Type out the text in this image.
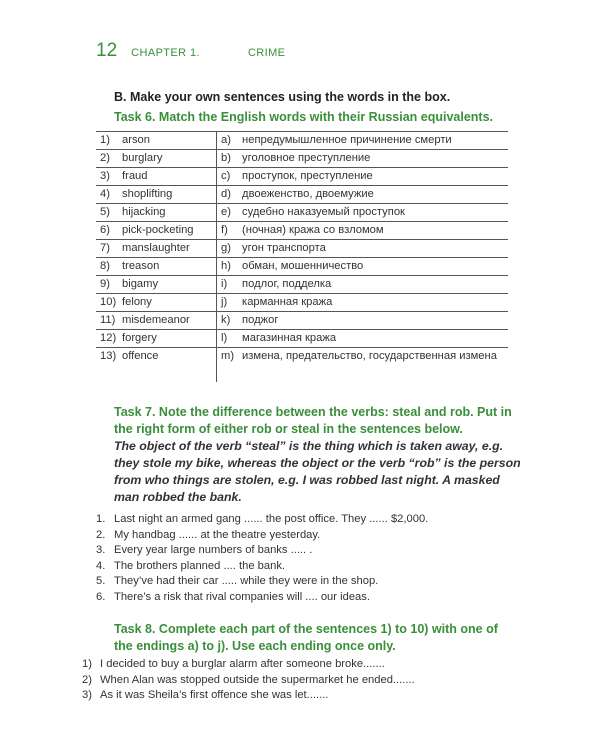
12 CHAPTER 1.	CRIME
B. Make your own sentences using the words in the box.
Task 6. Match the English words with their Russian equivalents.
1) arson	a)	непредумышленное причинение смерти
2) burglary	b)	уголовное преступление
3) fraud	c)	проступок, преступление
4) shoplifting	d)	двоеженство, двоемужие
5) hijacking	e)	судебно наказуемый проступок
6) pick-pocketing	f)	(ночная) кража со взломом
7) manslaughter	g)	угон транспорта
8) treason	h)	обман, мошенничество
9) bigamy	i)	подлог, подделка
10) felony	j)	карманная кража
11) misdemeanor	k)	поджог
12) forgery	l)	магазинная кража
13) offence	m)	измена, предательство, государственная измена
Task 7. Note the difference between the verbs: steal and rob. Put in the right form of either rob or steal in the sentences below.
The object of the verb “steal” is the thing which is taken away, e.g. they stole my bike, whereas the object or the verb “rob” is the person from who things are stolen, e.g. I was robbed last night. A masked man robbed the bank.
1. Last night an armed gang ...... the post office. They ...... $2,000.
2. My handbag ...... at the theatre yesterday.
3. Every year large numbers of banks ..... .
4. The brothers planned .... the bank.
5. They’ve had their car ..... while they were in the shop.
6. There’s a risk that rival companies will .... our ideas.
Task 8. Complete each part of the sentences 1) to 10) with one of the endings a) to j). Use each ending once only.
1) I decided to buy a burglar alarm after someone broke.......
2) When Alan was stopped outside the supermarket he ended.......
3) As it was Sheila’s first offence she was let.......
